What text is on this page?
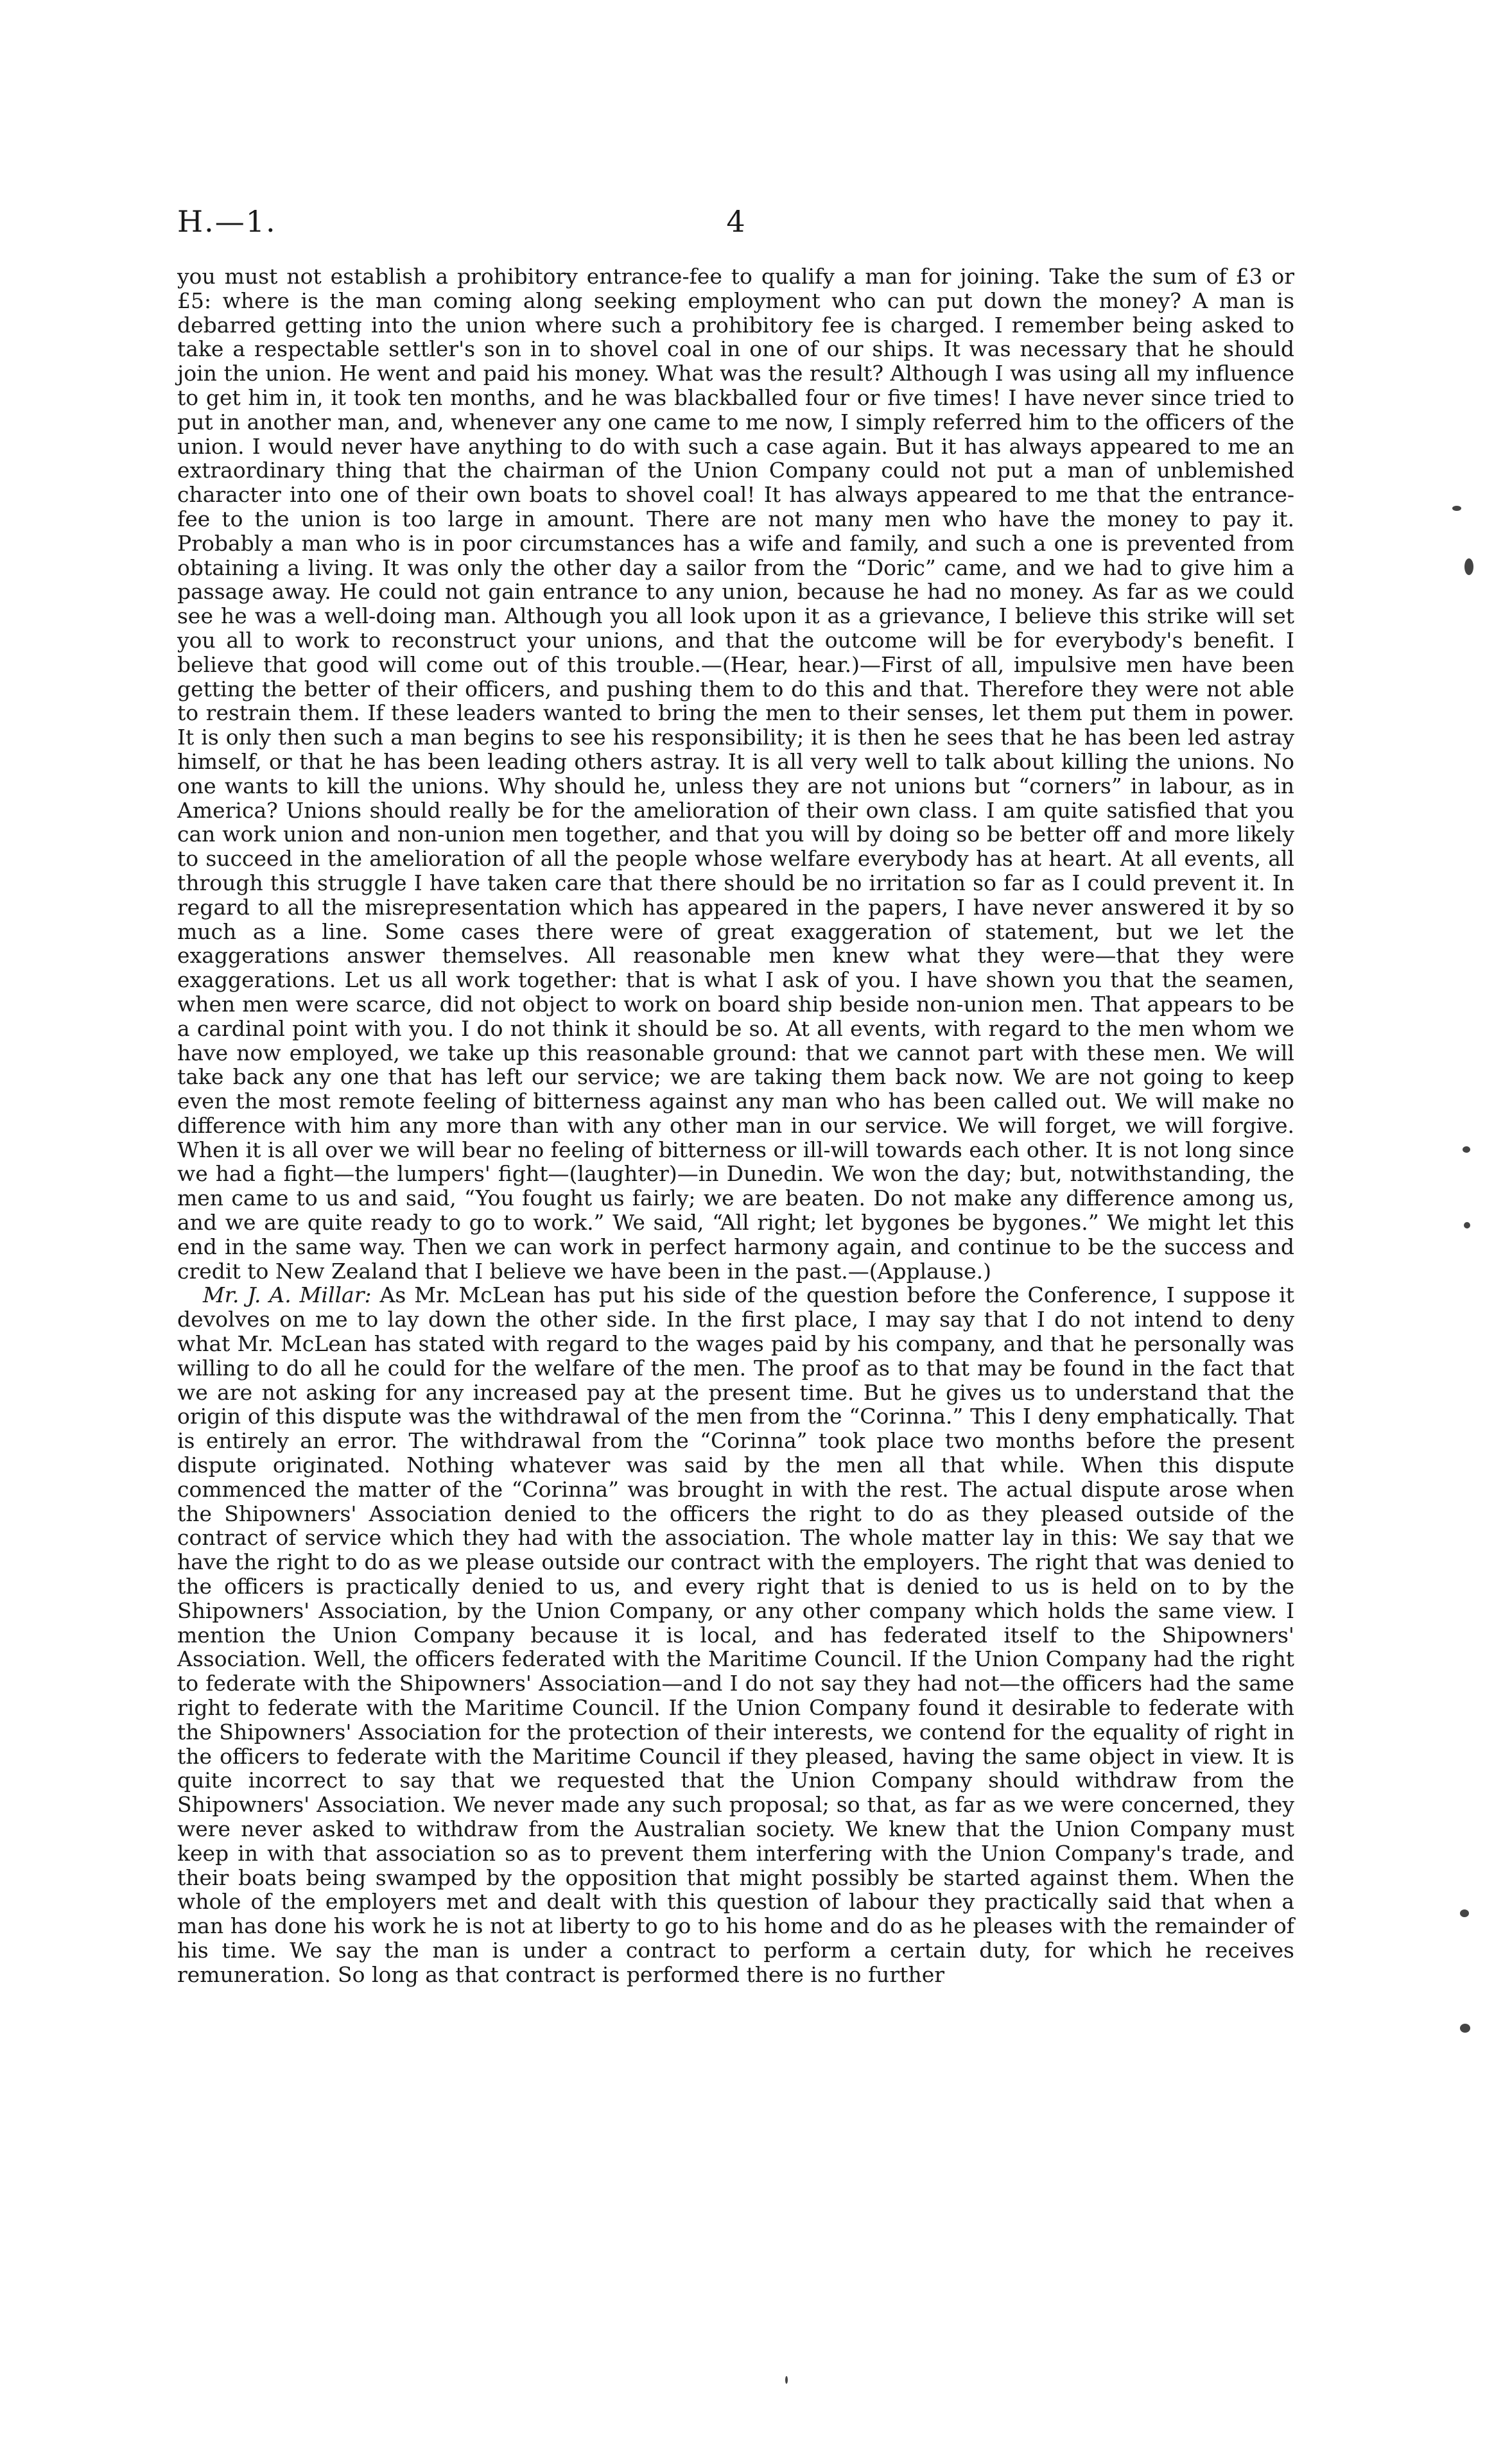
H.—1.	4

you must not establish a prohibitory entrance-fee to qualify a man for joining. Take the sum of £3 or £5: where is the man coming along seeking employment who can put down the money? A man is debarred getting into the union where such a prohibitory fee is charged. I remember being asked to take a respectable settler's son in to shovel coal in one of our ships. It was necessary that he should join the union. He went and paid his money. What was the result? Although I was using all my influence to get him in, it took ten months, and he was blackballed four or five times! I have never since tried to put in another man, and, whenever any one came to me now, I simply referred him to the officers of the union. I would never have anything to do with such a case again. But it has always appeared to me an extraordinary thing that the chairman of the Union Company could not put a man of unblemished character into one of their own boats to shovel coal! It has always appeared to me that the entrance-fee to the union is too large in amount. There are not many men who have the money to pay it. Probably a man who is in poor circumstances has a wife and family, and such a one is prevented from obtaining a living. It was only the other day a sailor from the “Doric” came, and we had to give him a passage away. He could not gain entrance to any union, because he had no money. As far as we could see he was a well-doing man. Although you all look upon it as a grievance, I believe this strike will set you all to work to reconstruct your unions, and that the outcome will be for everybody's benefit. I believe that good will come out of this trouble.—(Hear, hear.)—First of all, impulsive men have been getting the better of their officers, and pushing them to do this and that. Therefore they were not able to restrain them. If these leaders wanted to bring the men to their senses, let them put them in power. It is only then such a man begins to see his responsibility; it is then he sees that he has been led astray himself, or that he has been leading others astray. It is all very well to talk about killing the unions. No one wants to kill the unions. Why should he, unless they are not unions but “corners” in labour, as in America? Unions should really be for the amelioration of their own class. I am quite satisfied that you can work union and non-union men together, and that you will by doing so be better off and more likely to succeed in the amelioration of all the people whose welfare everybody has at heart. At all events, all through this struggle I have taken care that there should be no irritation so far as I could prevent it. In regard to all the misrepresentation which has appeared in the papers, I have never answered it by so much as a line. Some cases there were of great exaggeration of statement, but we let the exaggerations answer themselves. All reasonable men knew what they were—that they were exaggerations. Let us all work together: that is what I ask of you. I have shown you that the seamen, when men were scarce, did not object to work on board ship beside non-union men. That appears to be a cardinal point with you. I do not think it should be so. At all events, with regard to the men whom we have now employed, we take up this reasonable ground: that we cannot part with these men. We will take back any one that has left our service; we are taking them back now. We are not going to keep even the most remote feeling of bitterness against any man who has been called out. We will make no difference with him any more than with any other man in our service. We will forget, we will forgive. When it is all over we will bear no feeling of bitterness or ill-will towards each other. It is not long since we had a fight—the lumpers' fight—(laughter)—in Dunedin. We won the day; but, notwithstanding, the men came to us and said, “You fought us fairly; we are beaten. Do not make any difference among us, and we are quite ready to go to work.” We said, “All right; let bygones be bygones.” We might let this end in the same way. Then we can work in perfect harmony again, and continue to be the success and credit to New Zealand that I believe we have been in the past.—(Applause.)

Mr. J. A. Millar: As Mr. McLean has put his side of the question before the Conference, I suppose it devolves on me to lay down the other side. In the first place, I may say that I do not intend to deny what Mr. McLean has stated with regard to the wages paid by his company, and that he personally was willing to do all he could for the welfare of the men. The proof as to that may be found in the fact that we are not asking for any increased pay at the present time. But he gives us to understand that the origin of this dispute was the withdrawal of the men from the “Corinna.” This I deny emphatically. That is entirely an error. The withdrawal from the “Corinna” took place two months before the present dispute originated. Nothing whatever was said by the men all that while. When this dispute commenced the matter of the “Corinna” was brought in with the rest. The actual dispute arose when the Shipowners' Association denied to the officers the right to do as they pleased outside of the contract of service which they had with the association. The whole matter lay in this: We say that we have the right to do as we please outside our contract with the employers. The right that was denied to the officers is practically denied to us, and every right that is denied to us is held on to by the Shipowners' Association, by the Union Company, or any other company which holds the same view. I mention the Union Company because it is local, and has federated itself to the Shipowners' Association. Well, the officers federated with the Maritime Council. If the Union Company had the right to federate with the Shipowners' Association—and I do not say they had not—the officers had the same right to federate with the Maritime Council. If the Union Company found it desirable to federate with the Shipowners' Association for the protection of their interests, we contend for the equality of right in the officers to federate with the Maritime Council if they pleased, having the same object in view. It is quite incorrect to say that we requested that the Union Company should withdraw from the Shipowners' Association. We never made any such proposal; so that, as far as we were concerned, they were never asked to withdraw from the Australian society. We knew that the Union Company must keep in with that association so as to prevent them interfering with the Union Company's trade, and their boats being swamped by the opposition that might possibly be started against them. When the whole of the employers met and dealt with this question of labour they practically said that when a man has done his work he is not at liberty to go to his home and do as he pleases with the remainder of his time. We say the man is under a contract to perform a certain duty, for which he receives remuneration. So long as that contract is performed there is no further
